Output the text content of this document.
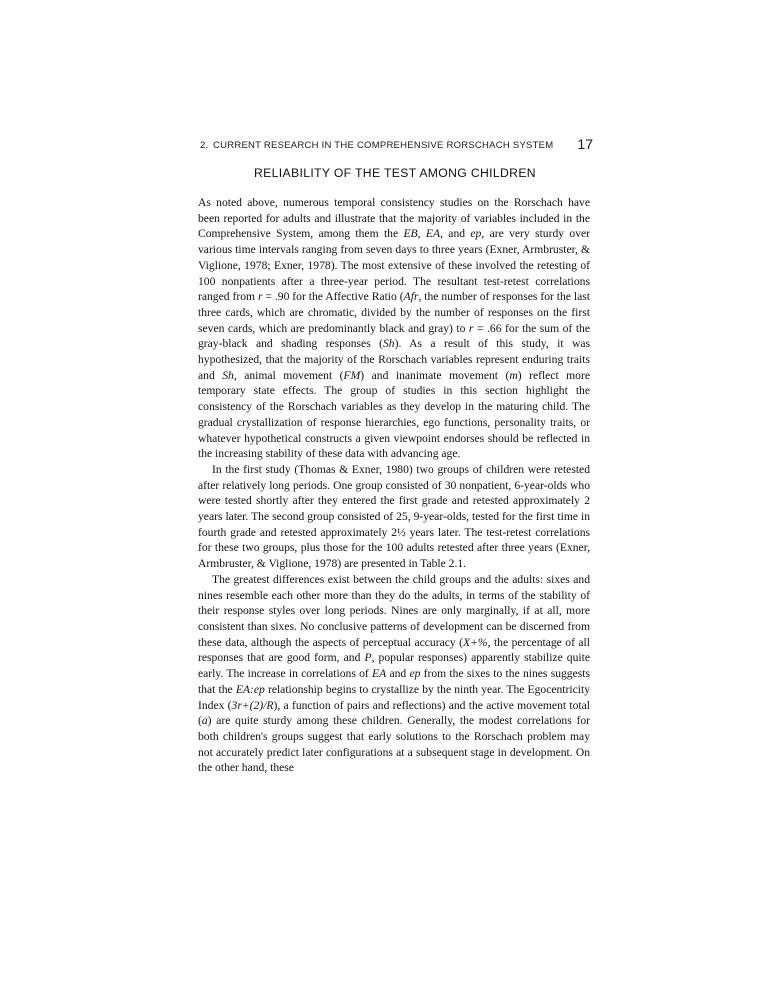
2. CURRENT RESEARCH IN THE COMPREHENSIVE RORSCHACH SYSTEM 17
RELIABILITY OF THE TEST AMONG CHILDREN

As noted above, numerous temporal consistency studies on the Rorschach have been reported for adults and illustrate that the majority of variables included in the Comprehensive System, among them the EB, EA, and ep, are very sturdy over various time intervals ranging from seven days to three years (Exner, Armbruster, & Viglione, 1978; Exner, 1978). The most extensive of these involved the retesting of 100 nonpatients after a three-year period. The resultant test-retest correlations ranged from r = .90 for the Affective Ratio (Afr, the number of responses for the last three cards, which are chromatic, divided by the number of responses on the first seven cards, which are predominantly black and gray) to r = .66 for the sum of the gray-black and shading responses (Sh). As a result of this study, it was hypothesized, that the majority of the Rorschach variables represent enduring traits and Sh, animal movement (FM) and inanimate movement (m) reflect more temporary state effects. The group of studies in this section highlight the consistency of the Rorschach variables as they develop in the maturing child. The gradual crystallization of response hierarchies, ego functions, personality traits, or whatever hypothetical constructs a given viewpoint endorses should be reflected in the increasing stability of these data with advancing age.

In the first study (Thomas & Exner, 1980) two groups of children were retested after relatively long periods. One group consisted of 30 nonpatient, 6-year-olds who were tested shortly after they entered the first grade and retested approximately 2 years later. The second group consisted of 25, 9-year-olds, tested for the first time in fourth grade and retested approximately 2½ years later. The test-retest correlations for these two groups, plus those for the 100 adults retested after three years (Exner, Armbruster, & Viglione, 1978) are presented in Table 2.1.

The greatest differences exist between the child groups and the adults: sixes and nines resemble each other more than they do the adults, in terms of the stability of their response styles over long periods. Nines are only marginally, if at all, more consistent than sixes. No conclusive patterns of development can be discerned from these data, although the aspects of perceptual accuracy (X+%, the percentage of all responses that are good form, and P, popular responses) apparently stabilize quite early. The increase in correlations of EA and ep from the sixes to the nines suggests that the EA:ep relationship begins to crystallize by the ninth year. The Egocentricity Index (3r+(2)/R), a function of pairs and reflections) and the active movement total (a) are quite sturdy among these children. Generally, the modest correlations for both children's groups suggest that early solutions to the Rorschach problem may not accurately predict later configurations at a subsequent stage in development. On the other hand, these
